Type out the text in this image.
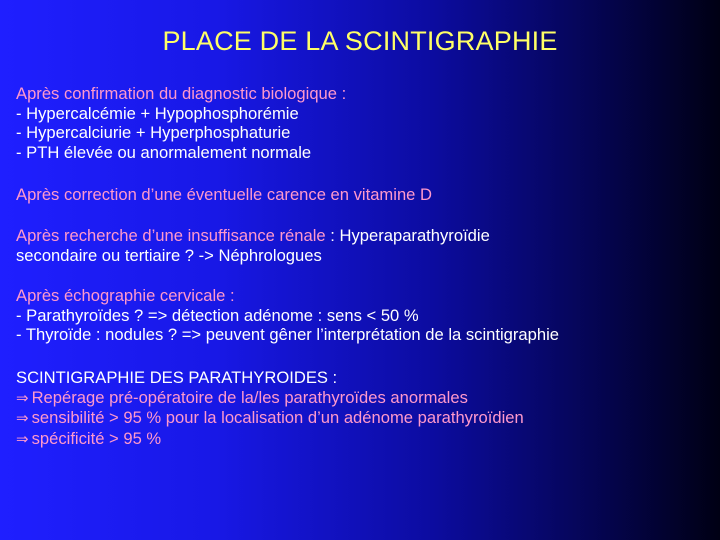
PLACE DE LA SCINTIGRAPHIE
Après confirmation du diagnostic biologique :
- Hypercalcémie + Hypophosphorémie
- Hypercalciurie + Hyperphosphaturie
- PTH élevée ou anormalement normale
Après correction d’une éventuelle carence en vitamine D
Après recherche d’une insuffisance rénale : Hyperaparathyroïdie
secondaire ou tertiaire ? -> Néphrologues
Après échographie cervicale :
- Parathyroïdes ? => détection adénome : sens < 50 %
- Thyroïde : nodules ? => peuvent gêner l’interprétation de la scintigraphie
SCINTIGRAPHIE DES PARATHYROIDES :
⇒ Repérage pré-opératoire de la/les parathyroïdes anormales
⇒ sensibilité > 95 % pour la localisation d’un adénome parathyroïdien
⇒ spécificité > 95 %
